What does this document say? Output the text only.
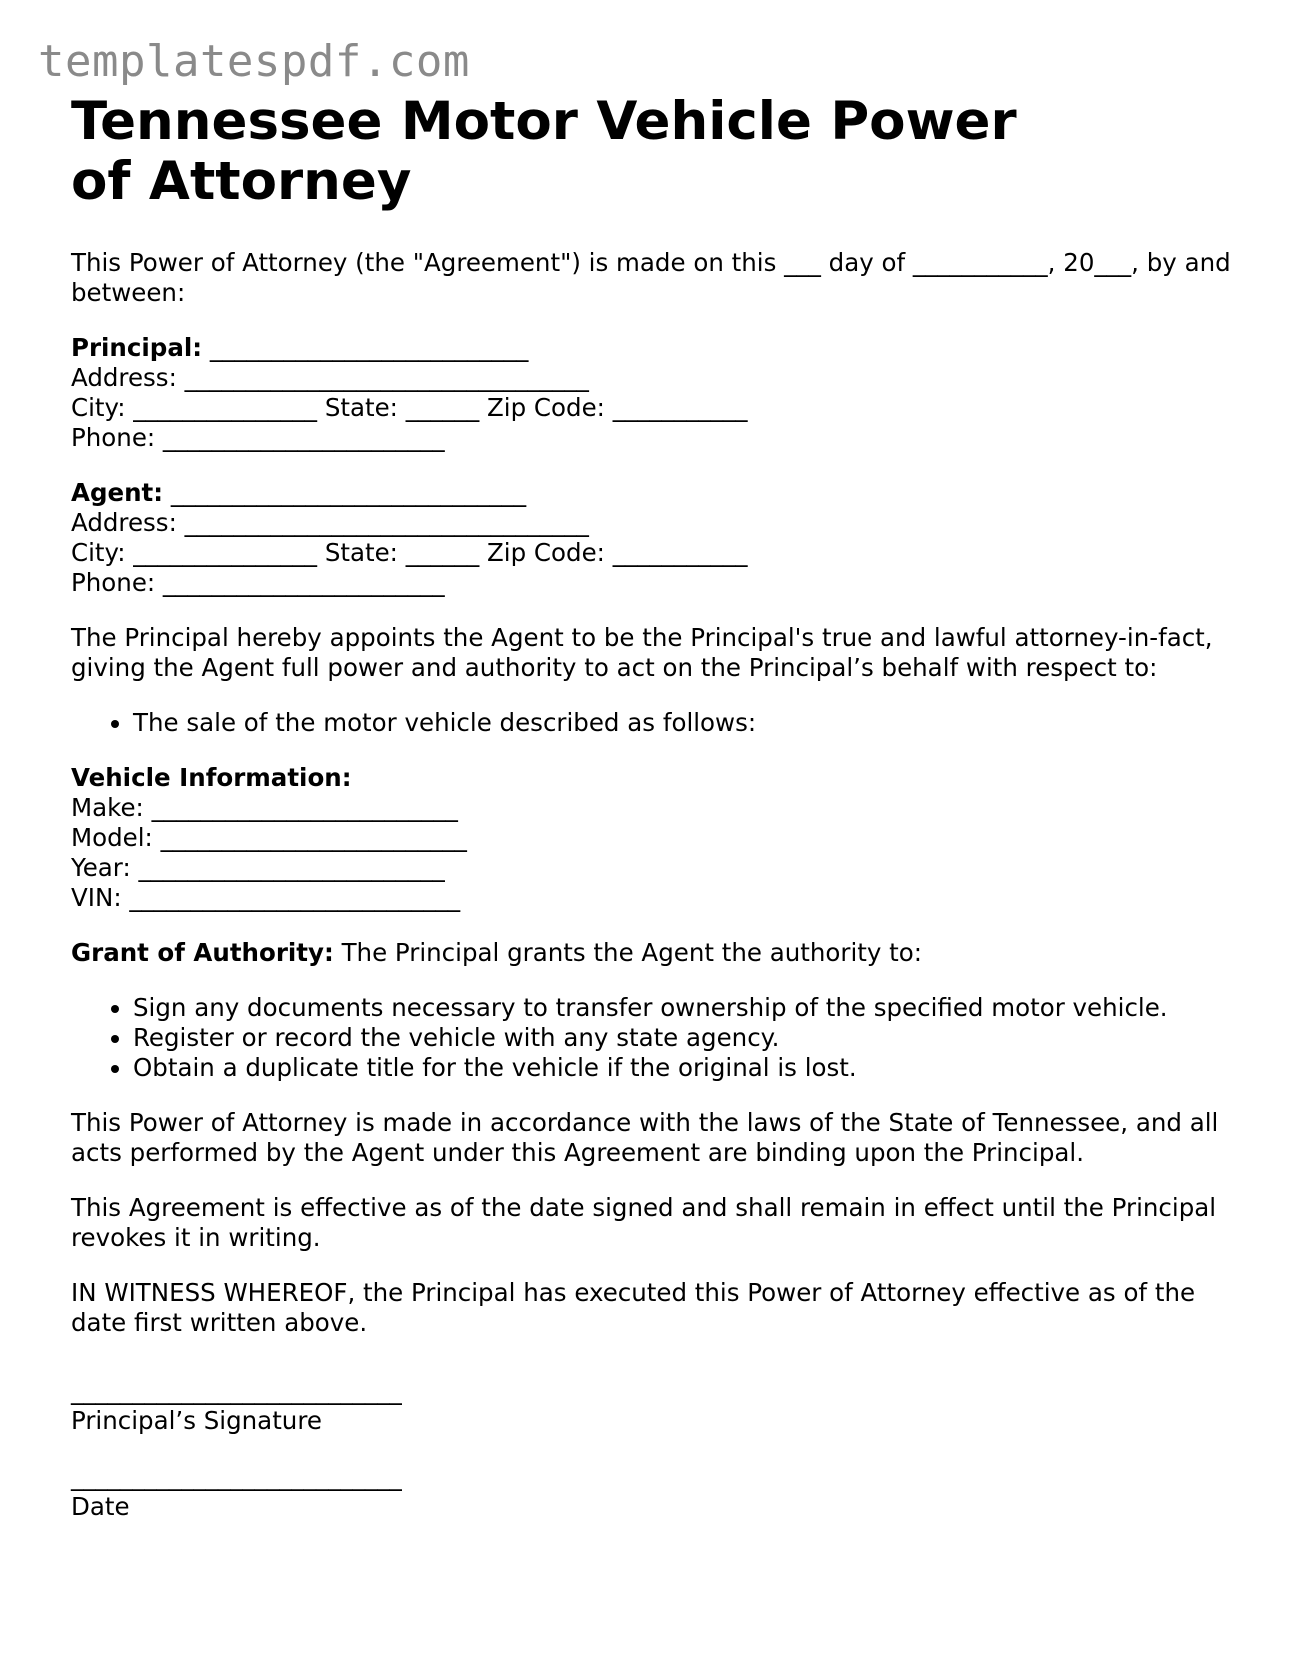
templatespdf.com
Tennessee Motor Vehicle Power of Attorney

This Power of Attorney (the "Agreement") is made on this ___ day of ___________, 20___, by and between:

Principal: __________________________
Address: _________________________________
City: _______________ State: ______ Zip Code: ___________
Phone: _______________________
Agent: _____________________________
Address: _________________________________
City: _______________ State: ______ Zip Code: ___________
Phone: _______________________

The Principal hereby appoints the Agent to be the Principal's true and lawful attorney-in-fact, giving the Agent full power and authority to act on the Principal’s behalf with respect to:

• The sale of the motor vehicle described as follows:
Vehicle Information:
Make: _________________________
Model: _________________________
Year: _________________________
VIN: ___________________________

Grant of Authority: The Principal grants the Agent the authority to:

• Sign any documents necessary to transfer ownership of the specified motor vehicle.
• Register or record the vehicle with any state agency.
• Obtain a duplicate title for the vehicle if the original is lost.

This Power of Attorney is made in accordance with the laws of the State of Tennessee, and all acts performed by the Agent under this Agreement are binding upon the Principal.

This Agreement is effective as of the date signed and shall remain in effect until the Principal revokes it in writing.

IN WITNESS WHEREOF, the Principal has executed this Power of Attorney effective as of the date first written above.

___________________________
Principal’s Signature
___________________________
Date
